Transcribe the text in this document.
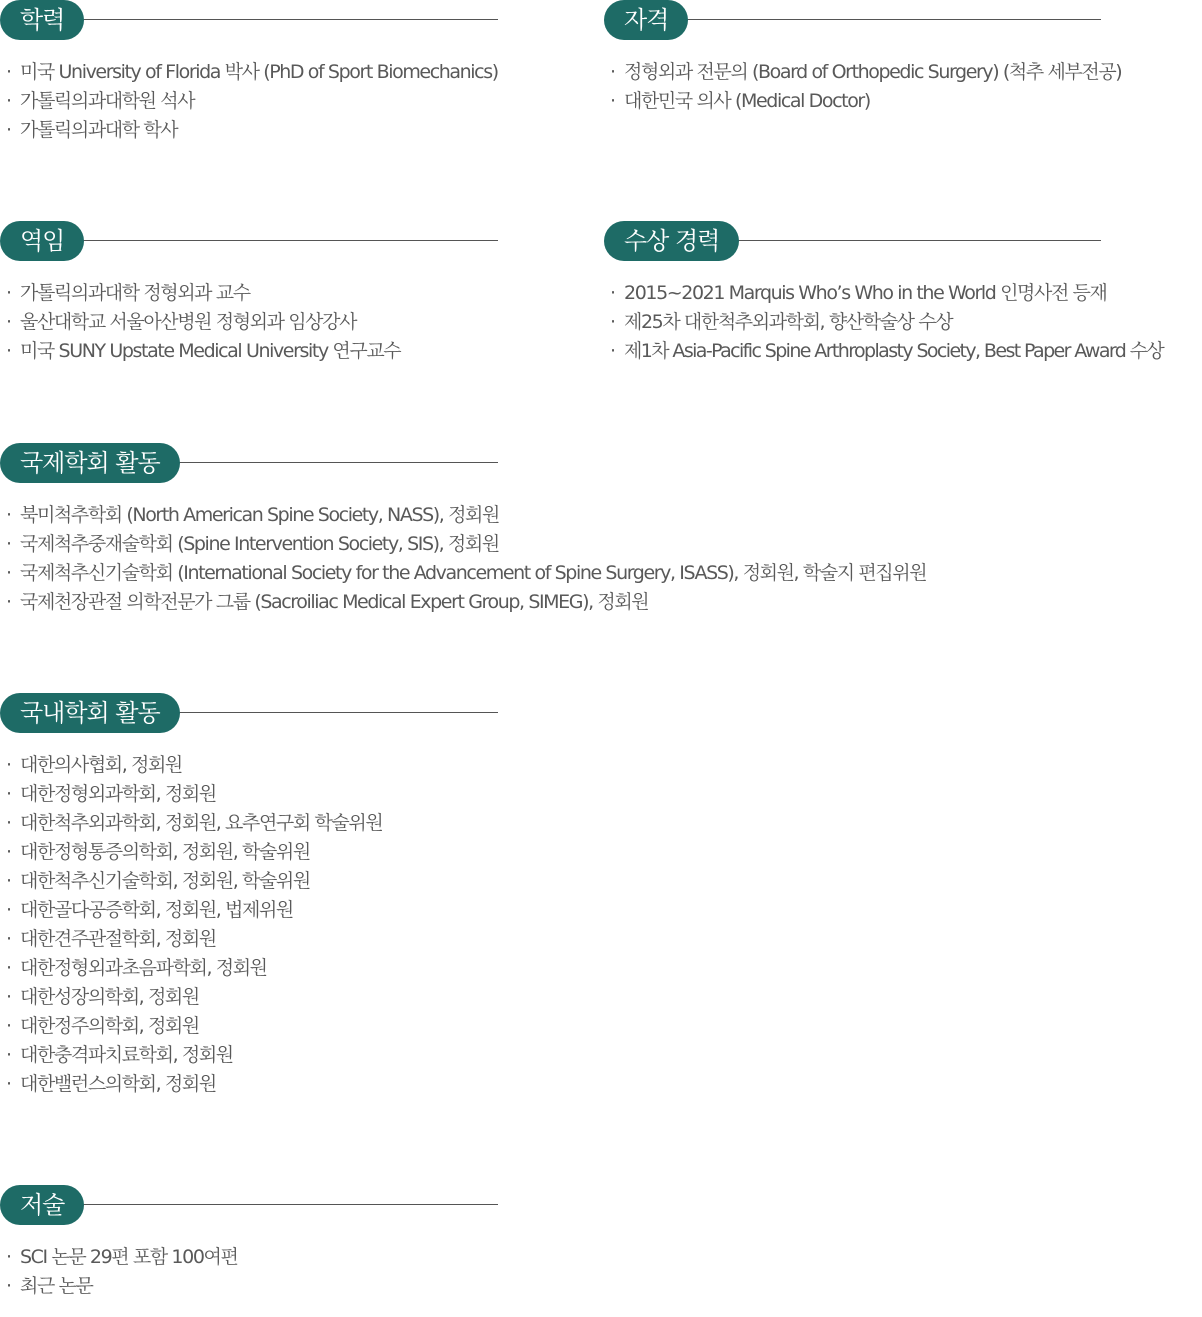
학력
· 미국 University of Florida 박사 (PhD of Sport Biomechanics)
· 가톨릭의과대학원 석사
· 가톨릭의과대학 학사
자격
· 정형외과 전문의 (Board of Orthopedic Surgery) (척추 세부전공)
· 대한민국 의사 (Medical Doctor)
역임
· 가톨릭의과대학 정형외과 교수
· 울산대학교 서울아산병원 정형외과 임상강사
· 미국 SUNY Upstate Medical University 연구교수
수상 경력
· 2015~2021 Marquis Who’s Who in the World 인명사전 등재
· 제25차 대한척추외과학회, 향산학술상 수상
· 제1차 Asia-Pacific Spine Arthroplasty Society, Best Paper Award 수상
국제학회 활동
· 북미척추학회 (North American Spine Society, NASS), 정회원
· 국제척추중재술학회 (Spine Intervention Society, SIS), 정회원
· 국제척추신기술학회 (International Society for the Advancement of Spine Surgery, ISASS), 정회원, 학술지 편집위원
· 국제천장관절 의학전문가 그룹 (Sacroiliac Medical Expert Group, SIMEG), 정회원
국내학회 활동
· 대한의사협회, 정회원
· 대한정형외과학회, 정회원
· 대한척추외과학회, 정회원, 요추연구회 학술위원
· 대한정형통증의학회, 정회원, 학술위원
· 대한척추신기술학회, 정회원, 학술위원
· 대한골다공증학회, 정회원, 법제위원
· 대한견주관절학회, 정회원
· 대한정형외과초음파학회, 정회원
· 대한성장의학회, 정회원
· 대한정주의학회, 정회원
· 대한충격파치료학회, 정회원
· 대한밸런스의학회, 정회원
저술
· SCI 논문 29편 포함 100여편
· 최근 논문
